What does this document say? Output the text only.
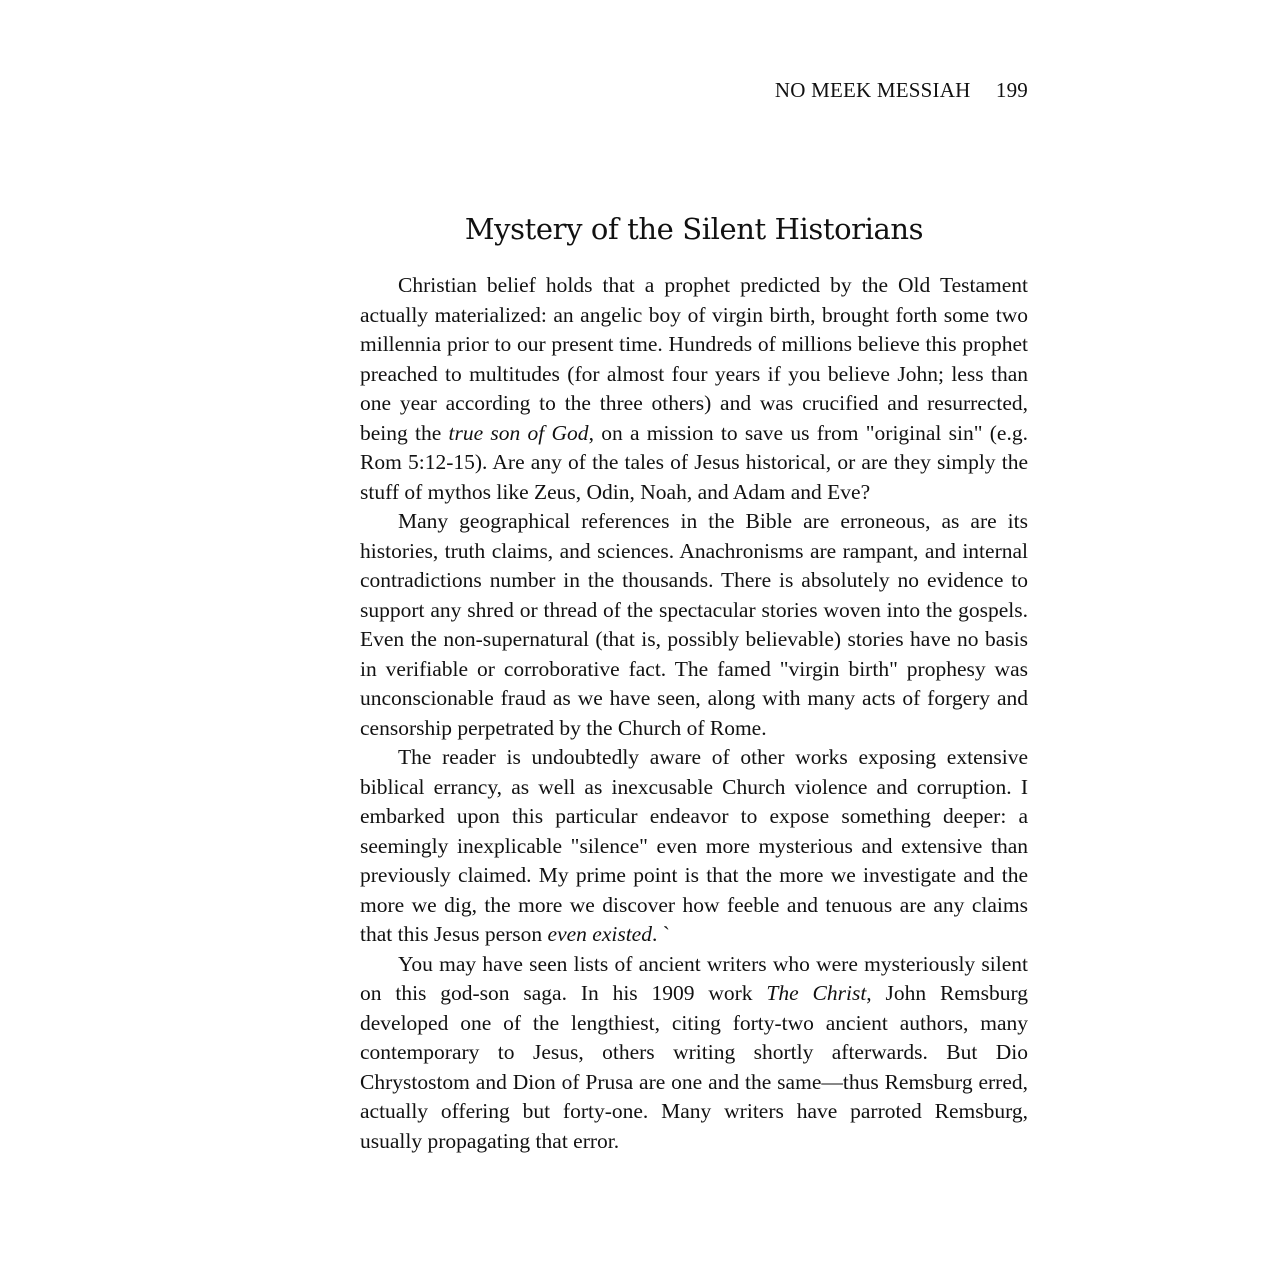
NO MEEK MESSIAH 199
Mystery of the Silent Historians

Christian belief holds that a prophet predicted by the Old Testament actually materialized: an angelic boy of virgin birth, brought forth some two millennia prior to our present time. Hundreds of millions believe this prophet preached to multitudes (for almost four years if you believe John; less than one year according to the three others) and was crucified and resurrected, being the true son of God, on a mission to save us from "original sin" (e.g. Rom 5:12-15). Are any of the tales of Jesus historical, or are they simply the stuff of mythos like Zeus, Odin, Noah, and Adam and Eve?

Many geographical references in the Bible are erroneous, as are its histories, truth claims, and sciences. Anachronisms are rampant, and internal contradictions number in the thousands. There is absolutely no evidence to support any shred or thread of the spectacular stories woven into the gospels. Even the non-supernatural (that is, possibly believable) stories have no basis in verifiable or corroborative fact. The famed "virgin birth" prophesy was unconscionable fraud as we have seen, along with many acts of forgery and censorship perpetrated by the Church of Rome.

The reader is undoubtedly aware of other works exposing extensive biblical errancy, as well as inexcusable Church violence and corruption. I embarked upon this particular endeavor to expose something deeper: a seemingly inexplicable "silence" even more mysterious and extensive than previously claimed. My prime point is that the more we investigate and the more we dig, the more we discover how feeble and tenuous are any claims that this Jesus person even existed. `

You may have seen lists of ancient writers who were mysteriously silent on this god-son saga. In his 1909 work The Christ, John Remsburg developed one of the lengthiest, citing forty-two ancient authors, many contemporary to Jesus, others writing shortly afterwards. But Dio Chrystostom and Dion of Prusa are one and the same—thus Remsburg erred, actually offering but forty-one. Many writers have parroted Remsburg, usually propagating that error.
